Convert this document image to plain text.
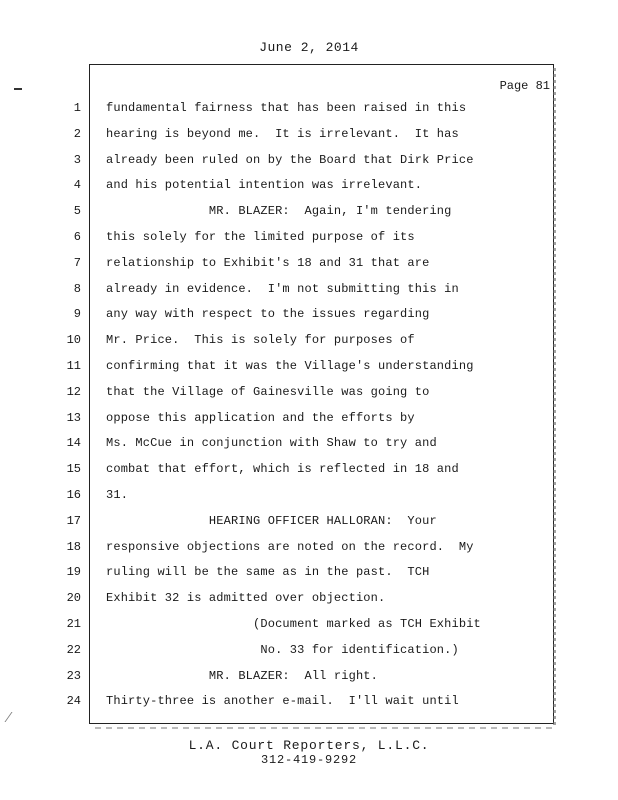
June 2, 2014
Page 81
1 fundamental fairness that has been raised in this
2 hearing is beyond me.  It is irrelevant.  It has
3 already been ruled on by the Board that Dirk Price
4 and his potential intention was irrelevant.
5 MR. BLAZER:  Again, I'm tendering
6 this solely for the limited purpose of its
7 relationship to Exhibit's 18 and 31 that are
8 already in evidence.  I'm not submitting this in
9 any way with respect to the issues regarding
10 Mr. Price.  This is solely for purposes of
11 confirming that it was the Village's understanding
12 that the Village of Gainesville was going to
13 oppose this application and the efforts by
14 Ms. McCue in conjunction with Shaw to try and
15 combat that effort, which is reflected in 18 and
16 31.
17 HEARING OFFICER HALLORAN:  Your
18 responsive objections are noted on the record.  My
19 ruling will be the same as in the past.  TCH
20 Exhibit 32 is admitted over objection.
21 (Document marked as TCH Exhibit
22 No. 33 for identification.)
23 MR. BLAZER:  All right.
24 Thirty-three is another e-mail.  I'll wait until
L.A. Court Reporters, L.L.C.
312-419-9292
